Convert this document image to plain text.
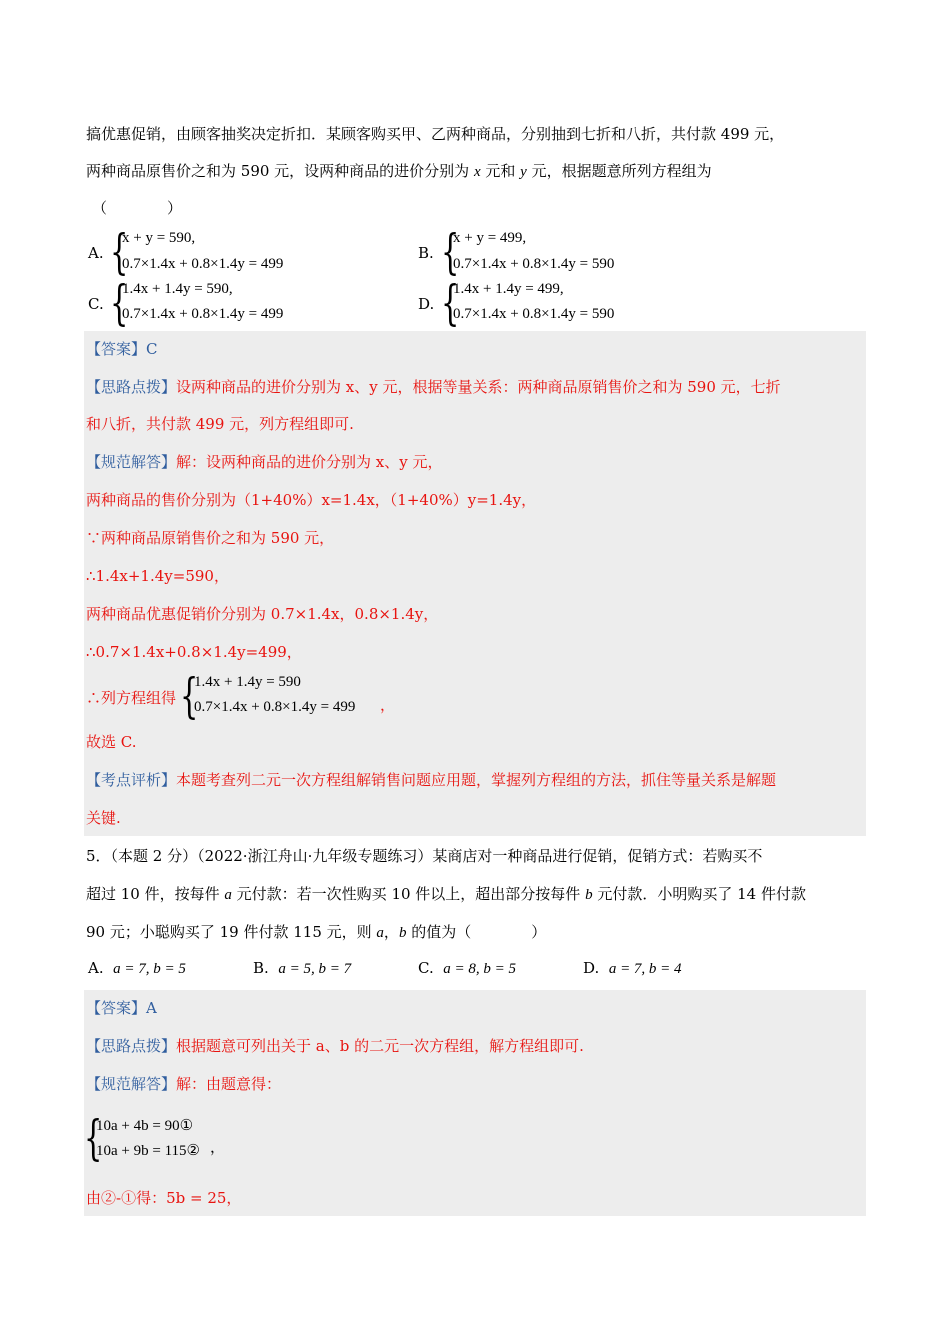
搞优惠促销，由顾客抽奖决定折扣．某顾客购买甲、乙两种商品，分别抽到七折和八折，共付款 499 元，
两种商品原售价之和为 590 元，设两种商品的进价分别为 x 元和 y 元，根据题意所列方程组为
（　　　　）
A. {
x + y = 590,
0.7×1.4x + 0.8×1.4y = 499
B. {
x + y = 499,
0.7×1.4x + 0.8×1.4y = 590
C. {
1.4x + 1.4y = 590,
0.7×1.4x + 0.8×1.4y = 499
D. {
1.4x + 1.4y = 499,
0.7×1.4x + 0.8×1.4y = 590
【答案】C
【思路点拨】设两种商品的进价分别为 x、y 元，根据等量关系：两种商品原销售价之和为 590 元，七折
和八折，共付款 499 元，列方程组即可.
【规范解答】解：设两种商品的进价分别为 x、y 元，
两种商品的售价分别为（1+40%）x=1.4x，（1+40%）y=1.4y，
∵两种商品原销售价之和为 590 元，
∴1.4x+1.4y=590，
两种商品优惠促销价分别为 0.7×1.4x，0.8×1.4y，
∴0.7×1.4x+0.8×1.4y=499，
∴列方程组得 {
1.4x + 1.4y = 590
0.7×1.4x + 0.8×1.4y = 499 ，
故选 C.
【考点评析】本题考查列二元一次方程组解销售问题应用题，掌握列方程组的方法，抓住等量关系是解题
关键.
5．（本题 2 分）（2022·浙江舟山·九年级专题练习）某商店对一种商品进行促销，促销方式：若购买不
超过 10 件，按每件 a 元付款：若一次性购买 10 件以上，超出部分按每件 b 元付款．小明购买了 14 件付款
90 元；小聪购买了 19 件付款 115 元，则 a，b 的值为（　　　　）
A. a = 7, b = 5	B. a = 5, b = 7	C. a = 8, b = 5	D. a = 7, b = 4
【答案】A
【思路点拨】根据题意可列出关于 a、b 的二元一次方程组，解方程组即可.
【规范解答】解：由题意得：
{
10a + 4b = 90①
10a + 9b = 115② ，
由②-①得：5b = 25，
